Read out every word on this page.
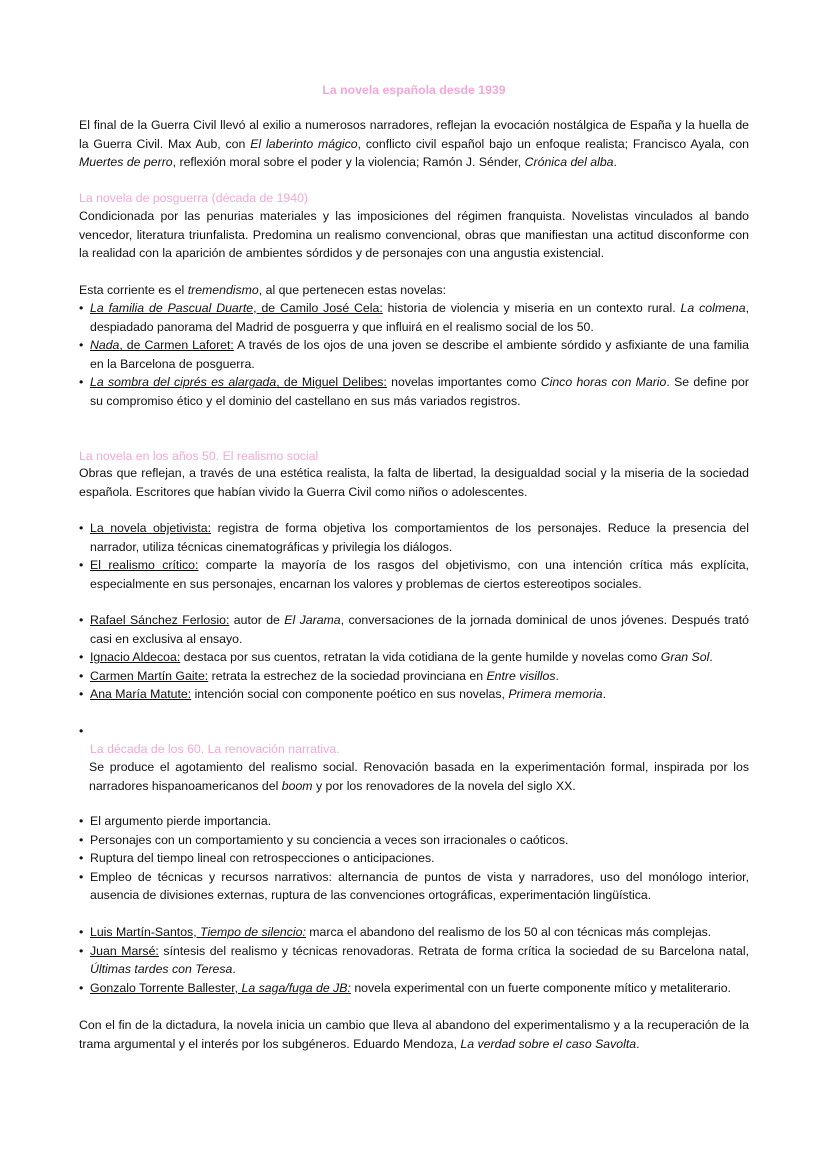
La novela española desde 1939

El final de la Guerra Civil llevó al exilio a numerosos narradores, reflejan la evocación nostálgica de España y la huella de la Guerra Civil. Max Aub, con El laberinto mágico, conflicto civil español bajo un enfoque realista; Francisco Ayala, con Muertes de perro, reflexión moral sobre el poder y la violencia; Ramón J. Sénder, Crónica del alba.

La novela de posguerra (década de 1940)

Condicionada por las penurias materiales y las imposiciones del régimen franquista. Novelistas vinculados al bando vencedor, literatura triunfalista. Predomina un realismo convencional, obras que manifiestan una actitud disconforme con la realidad con la aparición de ambientes sórdidos y de personajes con una angustia existencial.

Esta corriente es el tremendismo, al que pertenecen estas novelas:

• La familia de Pascual Duarte, de Camilo José Cela: historia de violencia y miseria en un contexto rural. La colmena, despiadado panorama del Madrid de posguerra y que influirá en el realismo social de los 50.
• Nada, de Carmen Laforet: A través de los ojos de una joven se describe el ambiente sórdido y asfixiante de una familia en la Barcelona de posguerra.
• La sombra del ciprés es alargada, de Miguel Delibes: novelas importantes como Cinco horas con Mario. Se define por su compromiso ético y el dominio del castellano en sus más variados registros.
La novela en los años 50. El realismo social

Obras que reflejan, a través de una estética realista, la falta de libertad, la desigualdad social y la miseria de la sociedad española. Escritores que habían vivido la Guerra Civil como niños o adolescentes.

• La novela objetivista: registra de forma objetiva los comportamientos de los personajes. Reduce la presencia del narrador, utiliza técnicas cinematográficas y privilegia los diálogos.
• El realismo crítico: comparte la mayoría de los rasgos del objetivismo, con una intención crítica más explícita, especialmente en sus personajes, encarnan los valores y problemas de ciertos estereotipos sociales.
• Rafael Sánchez Ferlosio: autor de El Jarama, conversaciones de la jornada dominical de unos jóvenes. Después trató casi en exclusiva al ensayo.
• Ignacio Aldecoa: destaca por sus cuentos, retratan la vida cotidiana de la gente humilde y novelas como Gran Sol.
• Carmen Martín Gaite: retrata la estrechez de la sociedad provinciana en Entre visillos.
• Ana María Matute: intención social con componente poético en sus novelas, Primera memoria.
•
La década de los 60. La renovación narrativa.

Se produce el agotamiento del realismo social. Renovación basada en la experimentación formal, inspirada por los narradores hispanoamericanos del boom y por los renovadores de la novela del siglo XX.

• El argumento pierde importancia.
• Personajes con un comportamiento y su conciencia a veces son irracionales o caóticos.
• Ruptura del tiempo lineal con retrospecciones o anticipaciones.
• Empleo de técnicas y recursos narrativos: alternancia de puntos de vista y narradores, uso del monólogo interior, ausencia de divisiones externas, ruptura de las convenciones ortográficas, experimentación lingüística.
• Luis Martín-Santos, Tiempo de silencio: marca el abandono del realismo de los 50 al con técnicas más complejas.
• Juan Marsé: síntesis del realismo y técnicas renovadoras. Retrata de forma crítica la sociedad de su Barcelona natal, Últimas tardes con Teresa.
• Gonzalo Torrente Ballester, La saga/fuga de JB: novela experimental con un fuerte componente mítico y metaliterario.

Con el fin de la dictadura, la novela inicia un cambio que lleva al abandono del experimentalismo y a la recuperación de la trama argumental y el interés por los subgéneros. Eduardo Mendoza, La verdad sobre el caso Savolta.
